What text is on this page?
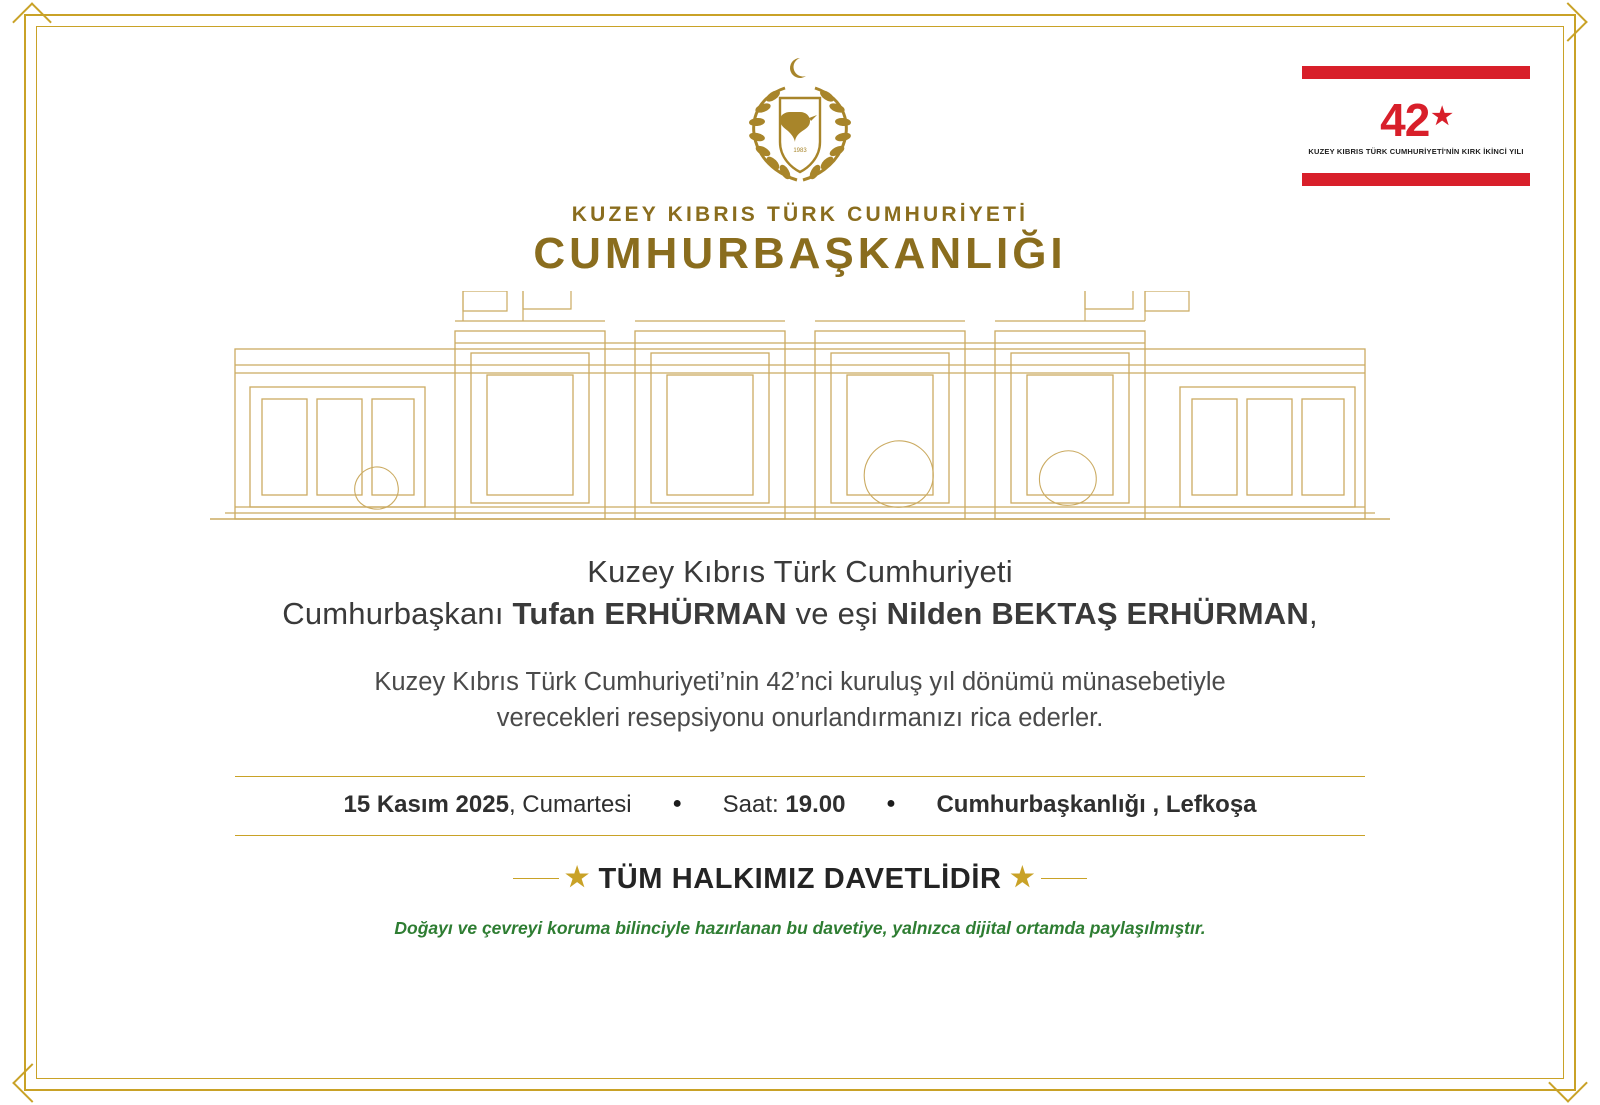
42★
KUZEY KIBRIS TÜRK CUMHURİYETİ'NİN KIRK İKİNCİ YILI
1983
KUZEY KIBRIS TÜRK CUMHURİYETİ
CUMHURBAŞKANLIĞI
Kuzey Kıbrıs Türk Cumhuriyeti
Cumhurbaşkanı Tufan ERHÜRMAN ve eşi Nilden BEKTAŞ ERHÜRMAN,
Kuzey Kıbrıs Türk Cumhuriyeti’nin 42’nci kuruluş yıl dönümü münasebetiyle
verecekleri resepsiyonu onurlandırmanızı rica ederler.
15 Kasım 2025, Cumartesi	● Saat: 19.00	● Cumhurbaşkanlığı , Lefkoşa
★ TÜM HALKIMIZ DAVETLİDİR ★
Doğayı ve çevreyi koruma bilinciyle hazırlanan bu davetiye, yalnızca dijital ortamda paylaşılmıştır.
